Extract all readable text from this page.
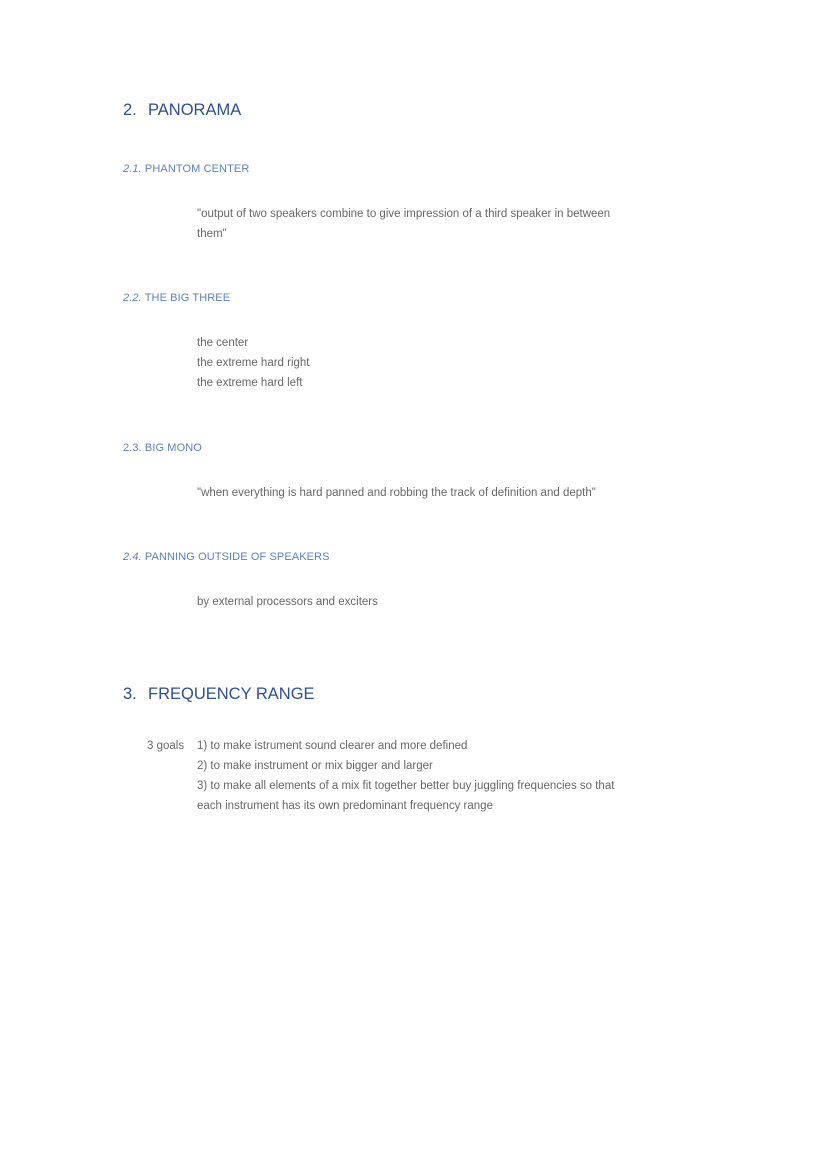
2. PANORAMA
2.1. PHANTOM CENTER
"output of two speakers combine to give impression of a third speaker in between
them"
2.2. THE BIG THREE
the center
the extreme hard right
the extreme hard left
2.3. BIG MONO
"when everything is hard panned and robbing the track of definition and depth"
2.4. PANNING OUTSIDE OF SPEAKERS
by external processors and exciters
3. FREQUENCY RANGE
3 goals 1) to make istrument sound clearer and more defined
2) to make instrument or mix bigger and larger
3) to make all elements of a mix fit together better buy juggling frequencies so that
each instrument has its own predominant frequency range
